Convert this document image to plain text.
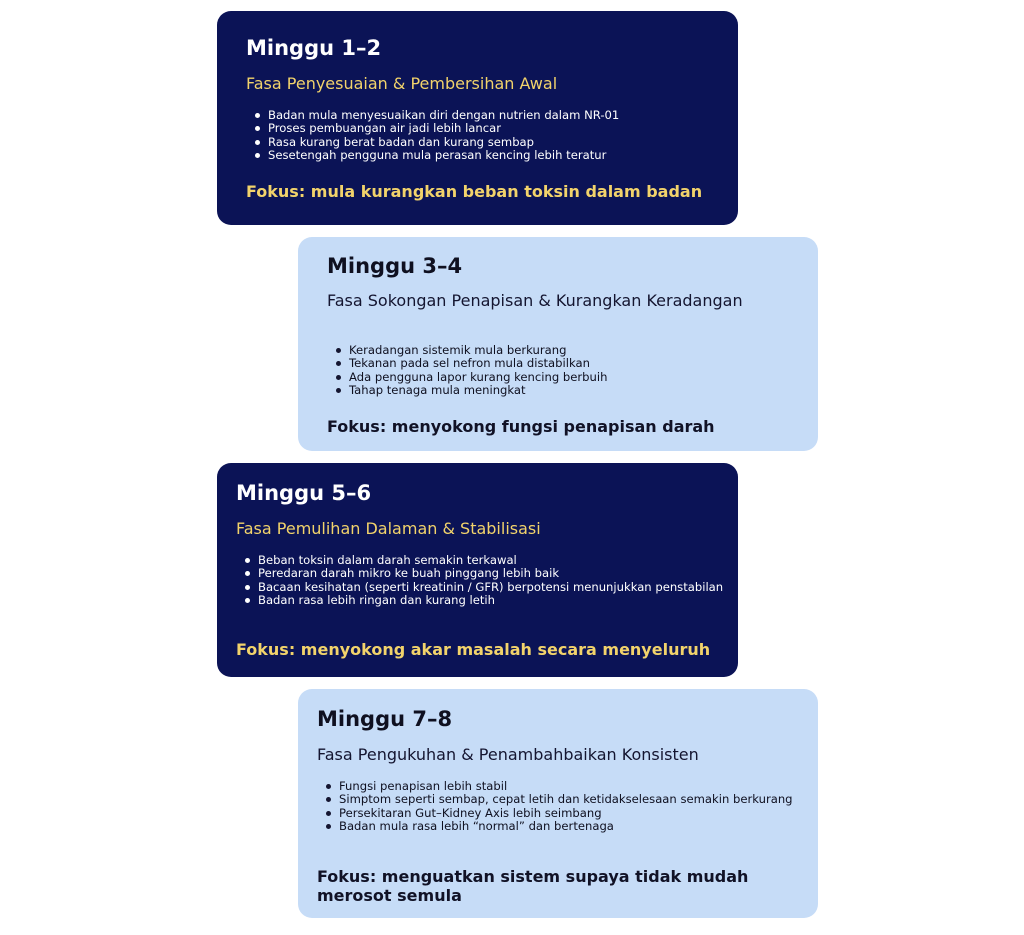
Minggu 1–2
Fasa Penyesuaian & Pembersihan Awal
Badan mula menyesuaikan diri dengan nutrien dalam NR-01
Proses pembuangan air jadi lebih lancar
Rasa kurang berat badan dan kurang sembap
Sesetengah pengguna mula perasan kencing lebih teratur
Fokus: mula kurangkan beban toksin dalam badan
Minggu 3–4
Fasa Sokongan Penapisan & Kurangkan Keradangan
Keradangan sistemik mula berkurang
Tekanan pada sel nefron mula distabilkan
Ada pengguna lapor kurang kencing berbuih
Tahap tenaga mula meningkat
Fokus: menyokong fungsi penapisan darah
Minggu 5–6
Fasa Pemulihan Dalaman & Stabilisasi
Beban toksin dalam darah semakin terkawal
Peredaran darah mikro ke buah pinggang lebih baik
Bacaan kesihatan (seperti kreatinin / GFR) berpotensi menunjukkan penstabilan
Badan rasa lebih ringan dan kurang letih
Fokus: menyokong akar masalah secara menyeluruh
Minggu 7–8
Fasa Pengukuhan & Penambahbaikan Konsisten
Fungsi penapisan lebih stabil
Simptom seperti sembap, cepat letih dan ketidakselesaan semakin berkurang
Persekitaran Gut–Kidney Axis lebih seimbang
Badan mula rasa lebih “normal” dan bertenaga
Fokus: menguatkan sistem supaya tidak mudah merosot semula
